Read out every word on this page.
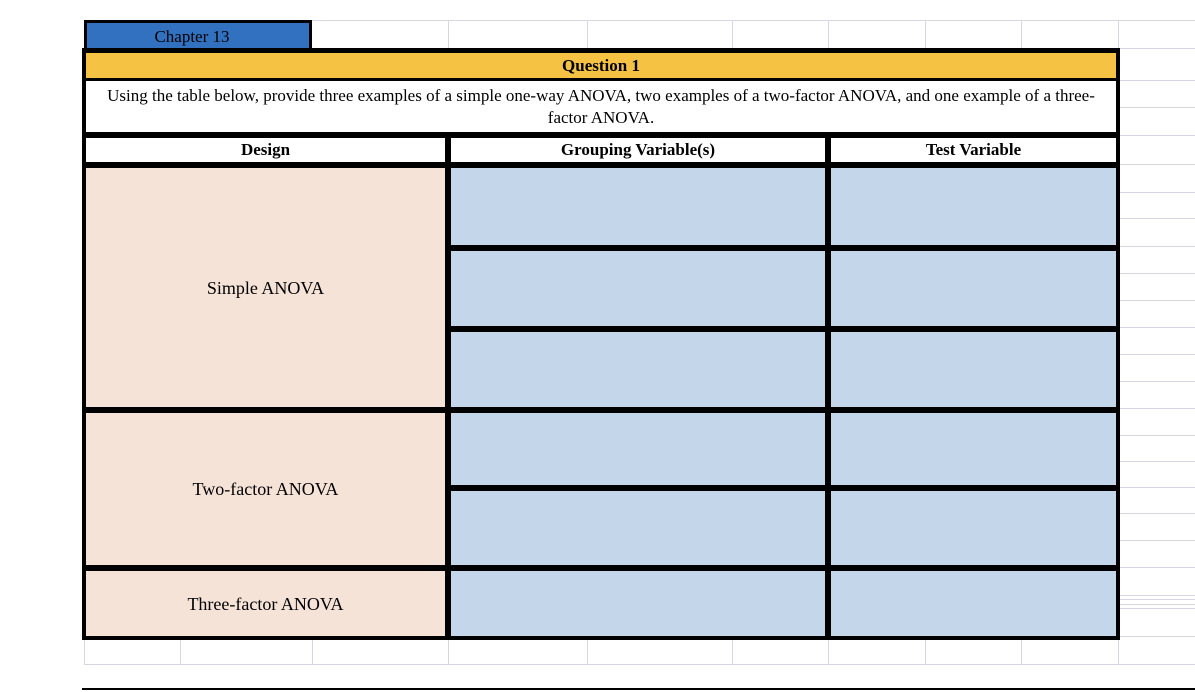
Chapter 13
Question 1
Using the table below, provide three examples of a simple one-way ANOVA, two examples of a two-factor ANOVA, and one example of a three-factor ANOVA.
Design	Grouping Variable(s)	Test Variable
Simple ANOVA
Two-factor ANOVA
Three-factor ANOVA
